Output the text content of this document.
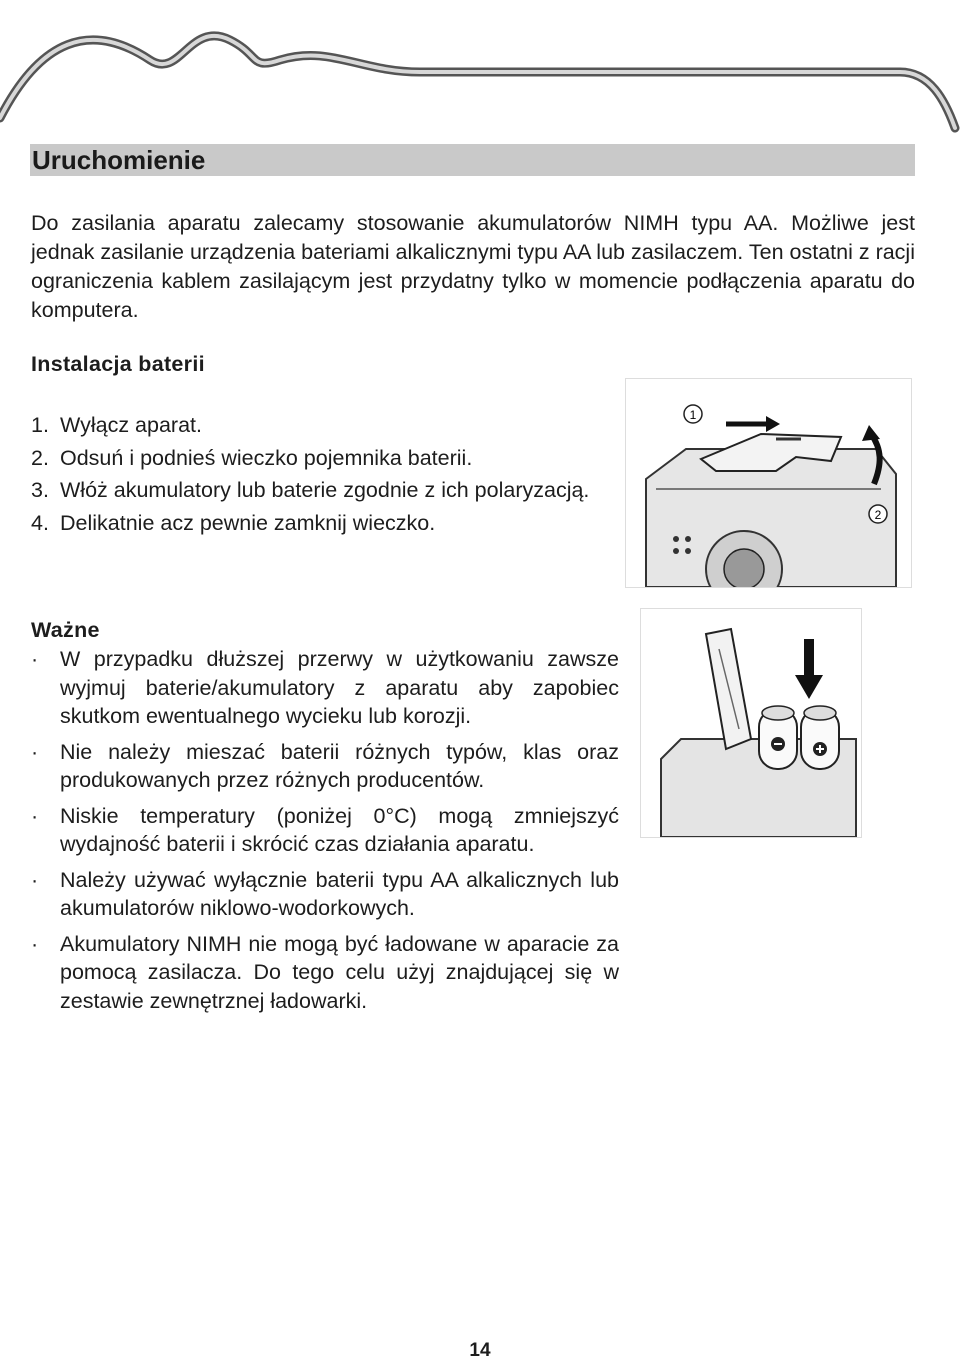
Uruchomienie

Do zasilania aparatu zalecamy stosowanie akumulatorów NIMH typu AA. Możliwe jest jednak zasilanie urządzenia bateriami alkalicznymi typu AA lub zasilaczem. Ten ostatni z racji ograniczenia kablem zasilającym jest przydatny tylko w momencie podłączenia aparatu do komputera.

Instalacja baterii
1. Wyłącz aparat.
2. Odsuń i podnieś wieczko pojemnika baterii.
3. Włóż akumulatory lub baterie zgodnie z ich polaryzacją.
4. Delikatnie acz pewnie zamknij wieczko.
Ważne
·	W przypadku dłuższej przerwy w użytkowaniu zawsze wyjmuj baterie/akumulatory z aparatu aby zapobiec skutkom ewentualnego wycieku lub korozji.
·	Nie należy mieszać baterii różnych typów, klas oraz produkowanych przez różnych producentów.
·	Niskie temperatury (poniżej 0°C) mogą zmniejszyć wydajność baterii i skrócić czas działania aparatu.
·	Należy używać wyłącznie baterii typu AA alkalicznych lub akumulatorów niklowo-wodorkowych.
·	Akumulatory NIMH nie mogą być ładowane w aparacie za pomocą zasilacza. Do tego celu użyj znajdującej się w zestawie zewnętrznej ładowarki.
1
2
14
